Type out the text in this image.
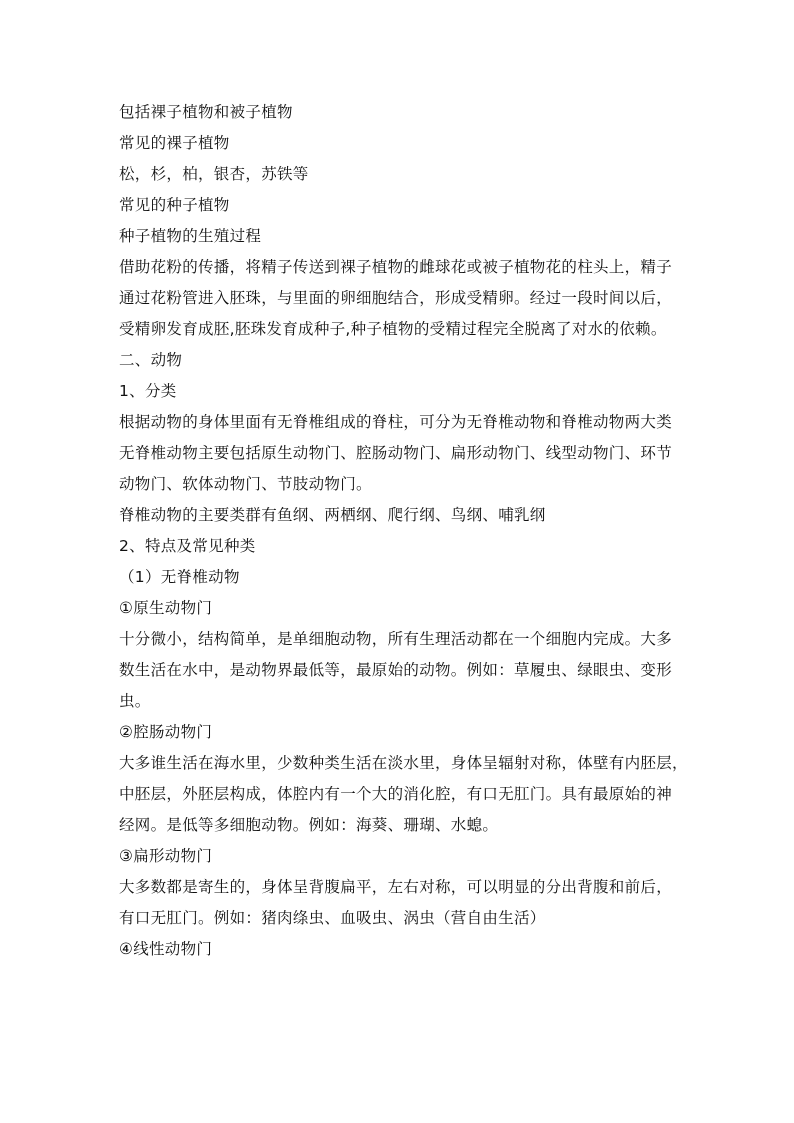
包括裸子植物和被子植物

常见的裸子植物

松，杉，柏，银杏，苏铁等

常见的种子植物

种子植物的生殖过程

借助花粉的传播，将精子传送到裸子植物的雌球花或被子植物花的柱头上，精子

通过花粉管进入胚珠，与里面的卵细胞结合，形成受精卵。经过一段时间以后，

受精卵发育成胚,胚珠发育成种子,种子植物的受精过程完全脱离了对水的依赖。

二、动物

1、分类

根据动物的身体里面有无脊椎组成的脊柱，可分为无脊椎动物和脊椎动物两大类

无脊椎动物主要包括原生动物门、腔肠动物门、扁形动物门、线型动物门、环节

动物门、软体动物门、节肢动物门。

脊椎动物的主要类群有鱼纲、两栖纲、爬行纲、鸟纲、哺乳纲

2、特点及常见种类

（1）无脊椎动物

①原生动物门

十分微小，结构简单，是单细胞动物，所有生理活动都在一个细胞内完成。大多

数生活在水中，是动物界最低等，最原始的动物。例如：草履虫、绿眼虫、变形

虫。

②腔肠动物门

大多谁生活在海水里，少数种类生活在淡水里，身体呈辐射对称，体壁有内胚层，

中胚层，外胚层构成，体腔内有一个大的消化腔，有口无肛门。具有最原始的神

经网。是低等多细胞动物。例如：海葵、珊瑚、水螅。

③扁形动物门

大多数都是寄生的，身体呈背腹扁平，左右对称，可以明显的分出背腹和前后，

有口无肛门。例如：猪肉绦虫、血吸虫、涡虫（营自由生活）

④线性动物门
